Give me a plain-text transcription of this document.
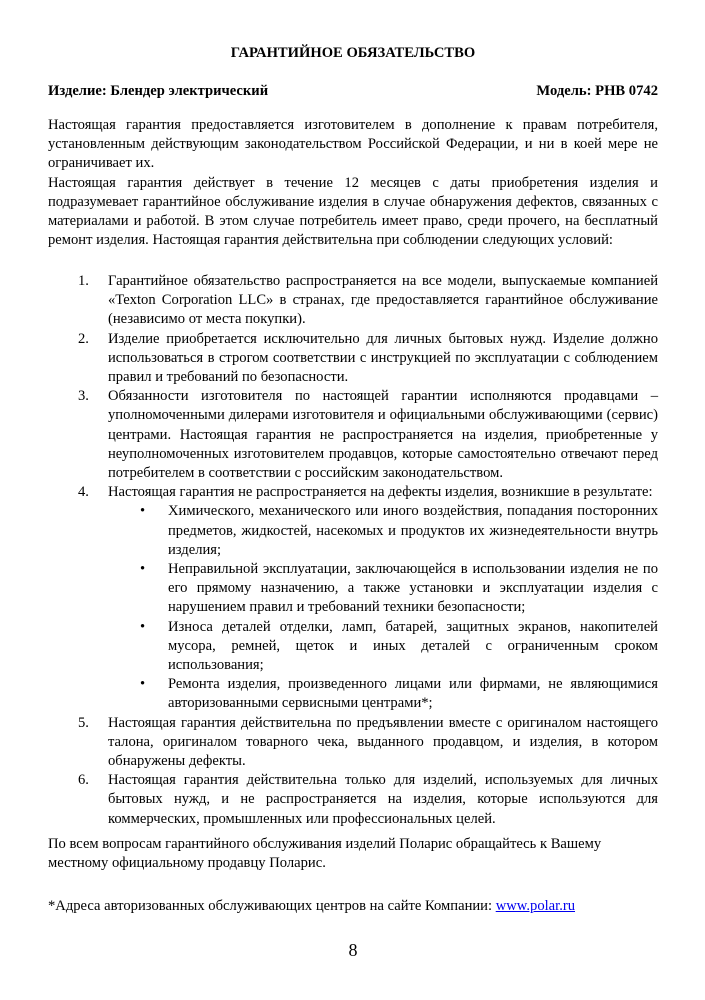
ГАРАНТИЙНОЕ ОБЯЗАТЕЛЬСТВО
Изделие: Блендер электрический	Модель: PHB 0742

Настоящая гарантия предоставляется изготовителем в дополнение к правам потребителя, установленным действующим законодательством Российской Федерации, и ни в коей мере не ограничивает их.

Настоящая гарантия действует в течение 12 месяцев с даты приобретения изделия и подразумевает гарантийное обслуживание изделия в случае обнаружения дефектов, связанных с материалами и работой. В этом случае потребитель имеет право, среди прочего, на бесплатный ремонт изделия. Настоящая гарантия действительна при соблюдении следующих условий:

1. Гарантийное обязательство распространяется на все модели, выпускаемые компанией «Texton Corporation LLC» в странах, где предоставляется гарантийное обслуживание (независимо от места покупки).
2. Изделие приобретается исключительно для личных бытовых нужд. Изделие должно использоваться в строгом соответствии с инструкцией по эксплуатации с соблюдением правил и требований по безопасности.
3. Обязанности изготовителя по настоящей гарантии исполняются продавцами – уполномоченными дилерами изготовителя и официальными обслуживающими (сервис) центрами. Настоящая гарантия не распространяется на изделия, приобретенные у неуполномоченных изготовителем продавцов, которые самостоятельно отвечают перед потребителем в соответствии с российским законодательством.
4. Настоящая гарантия не распространяется на дефекты изделия, возникшие в результате:
• Химического, механического или иного воздействия, попадания посторонних предметов, жидкостей, насекомых и продуктов их жизнедеятельности внутрь изделия;
• Неправильной эксплуатации, заключающейся в использовании изделия не по его прямому назначению, а также установки и эксплуатации изделия с нарушением правил и требований техники безопасности;
• Износа деталей отделки, ламп, батарей, защитных экранов, накопителей мусора, ремней, щеток и иных деталей с ограниченным сроком использования;
• Ремонта изделия, произведенного лицами или фирмами, не являющимися авторизованными сервисными центрами*;
5. Настоящая гарантия действительна по предъявлении вместе с оригиналом настоящего талона, оригиналом товарного чека, выданного продавцом, и изделия, в котором обнаружены дефекты.
6. Настоящая гарантия действительна только для изделий, используемых для личных бытовых нужд, и не распространяется на изделия, которые используются для коммерческих, промышленных или профессиональных целей.

По всем вопросам гарантийного обслуживания изделий Поларис обращайтесь к Вашему местному официальному продавцу Поларис.

*Адреса авторизованных обслуживающих центров на сайте Компании: www.polar.ru

8
